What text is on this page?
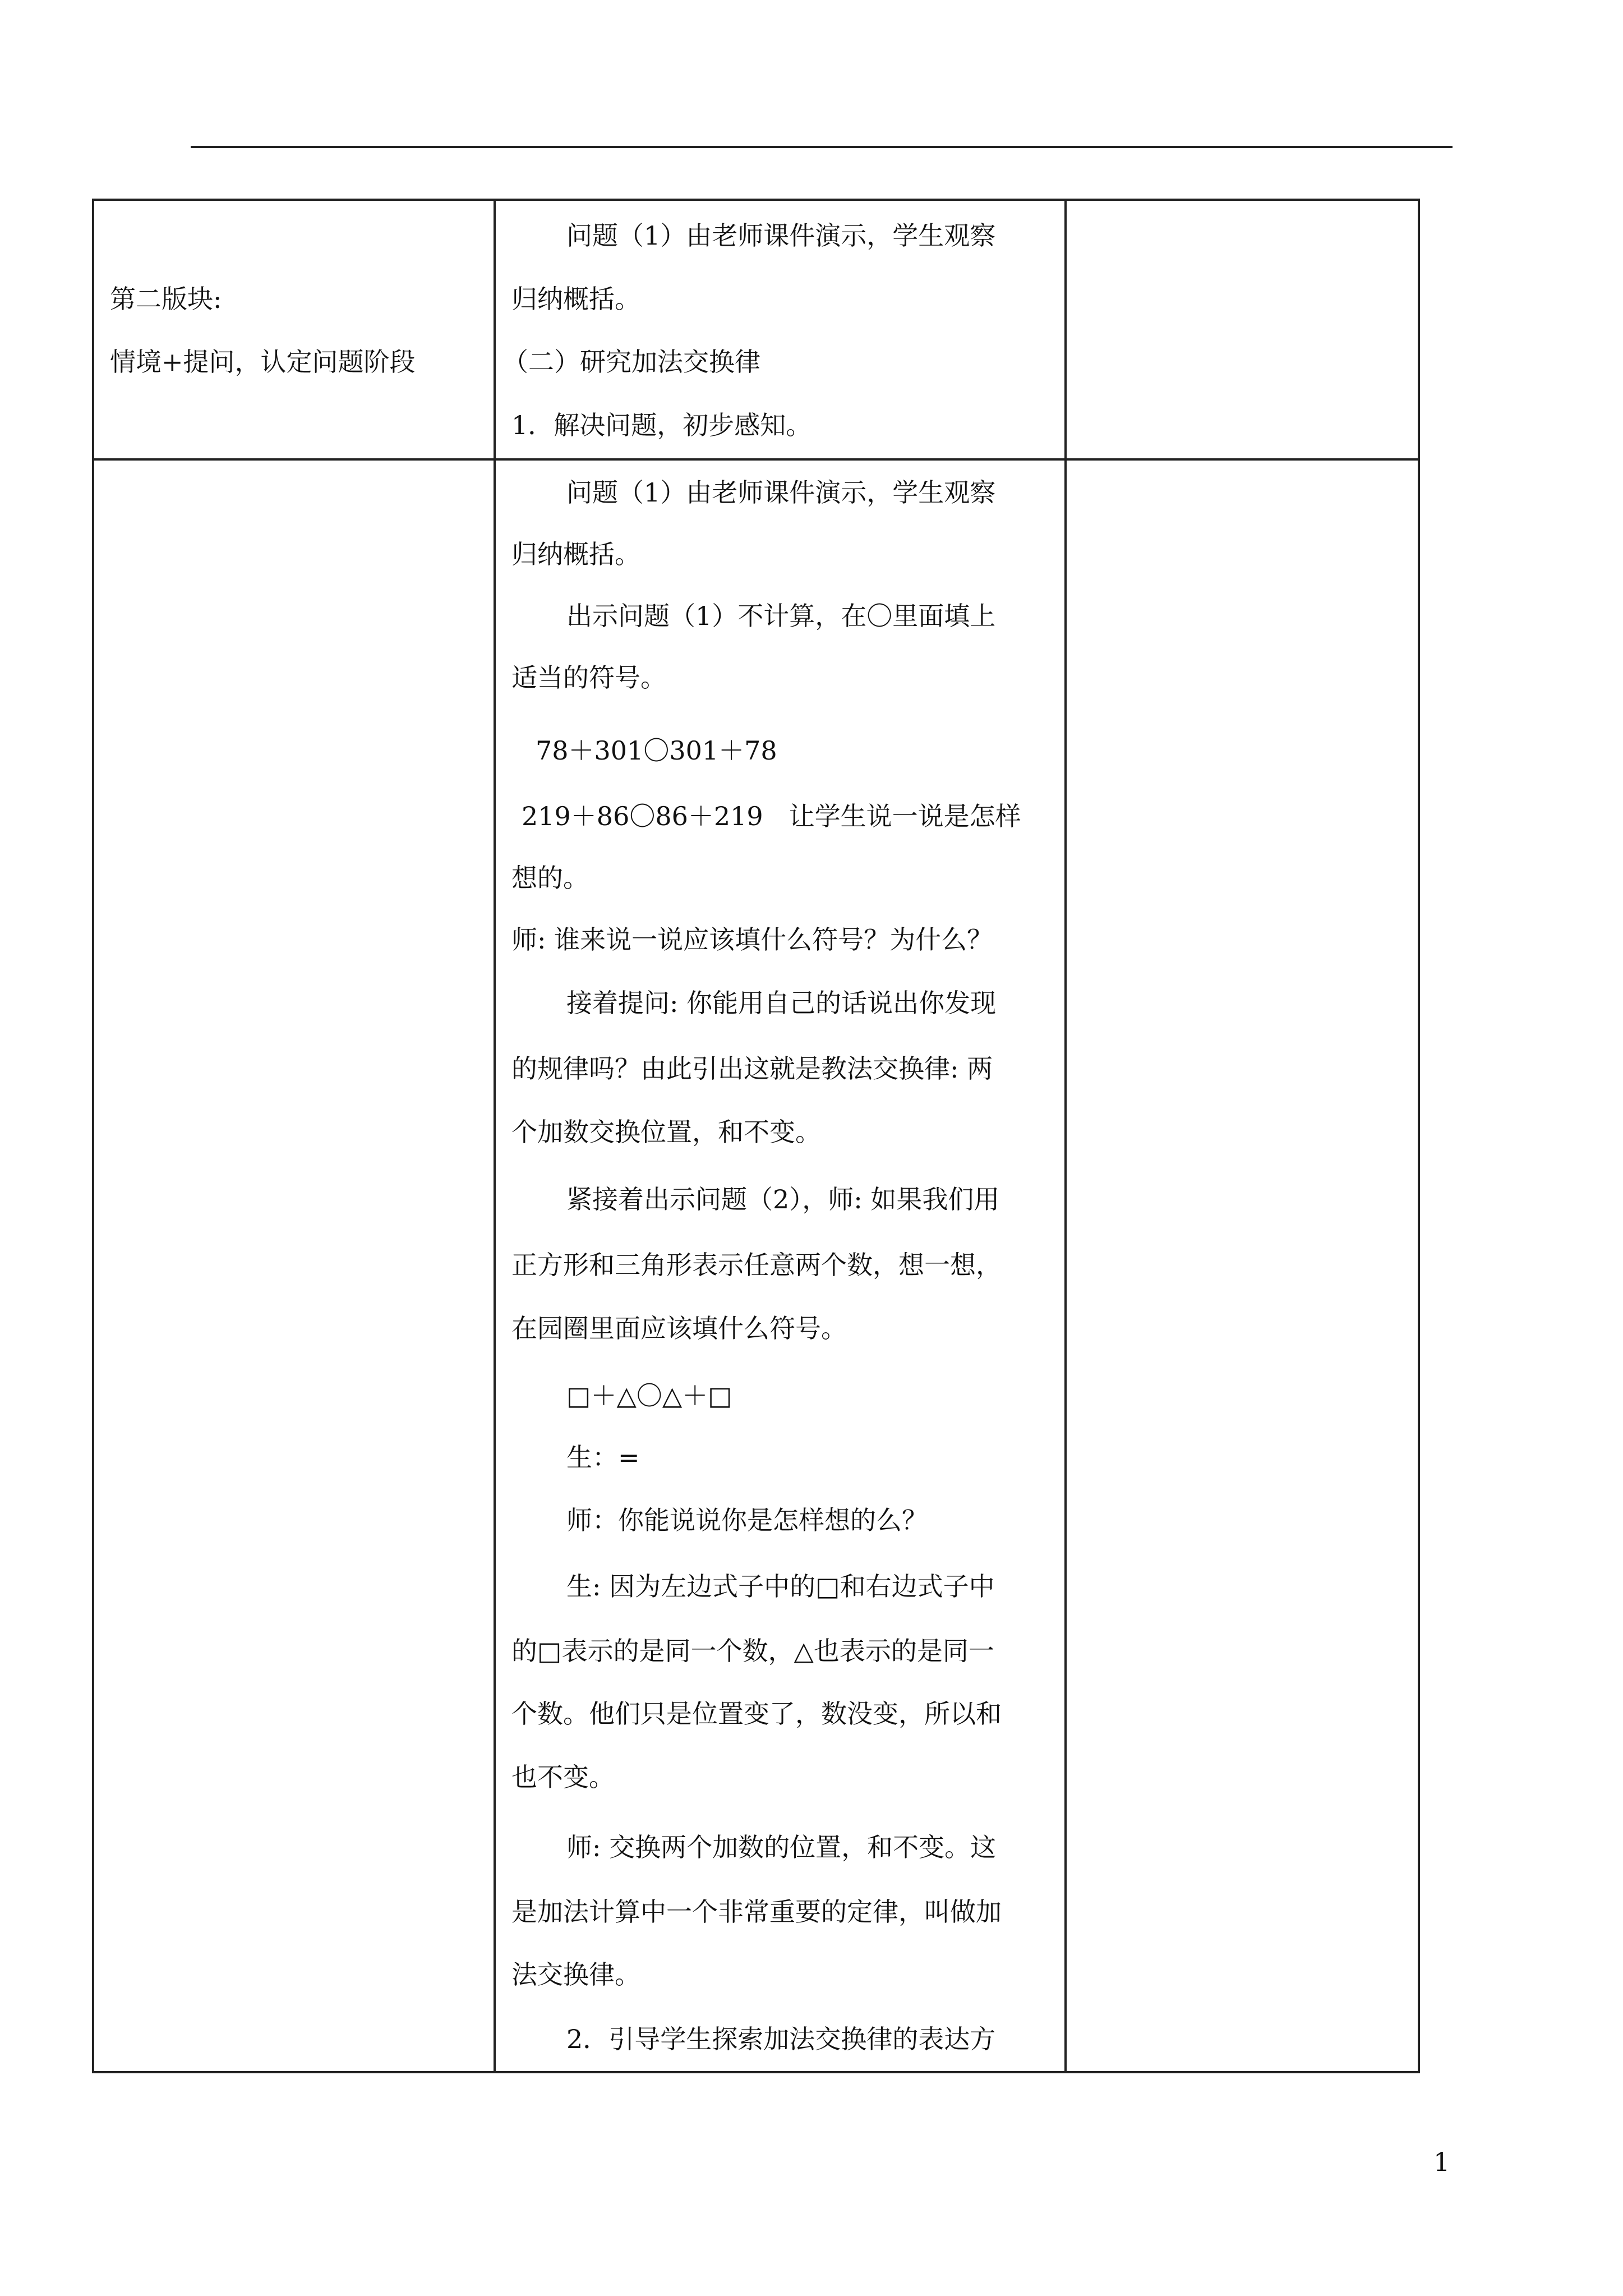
第二版块:
情境+提问，认定问题阶段
问题（1）由老师课件演示，学生观察
归纳概括。
（二）研究加法交换律
1．解决问题，初步感知。
问题（1）由老师课件演示，学生观察
归纳概括。
出示问题（1）不计算，在〇里面填上
适当的符号。
78＋301〇301＋78
219＋86〇86＋219　让学生说一说是怎样
想的。
师: 谁来说一说应该填什么符号？为什么？
接着提问: 你能用自己的话说出你发现
的规律吗？由此引出这就是教法交换律: 两
个加数交换位置，和不变。
紧接着出示问题（2），师: 如果我们用
正方形和三角形表示任意两个数，想一想，
在园圈里面应该填什么符号。
□＋△〇△＋□
生：=
师：你能说说你是怎样想的么？
生: 因为左边式子中的□和右边式子中
的□表示的是同一个数，△也表示的是同一
个数。他们只是位置变了，数没变，所以和
也不变。
师: 交换两个加数的位置，和不变。这
是加法计算中一个非常重要的定律，叫做加
法交换律。
2．引导学生探索加法交换律的表达方
1
